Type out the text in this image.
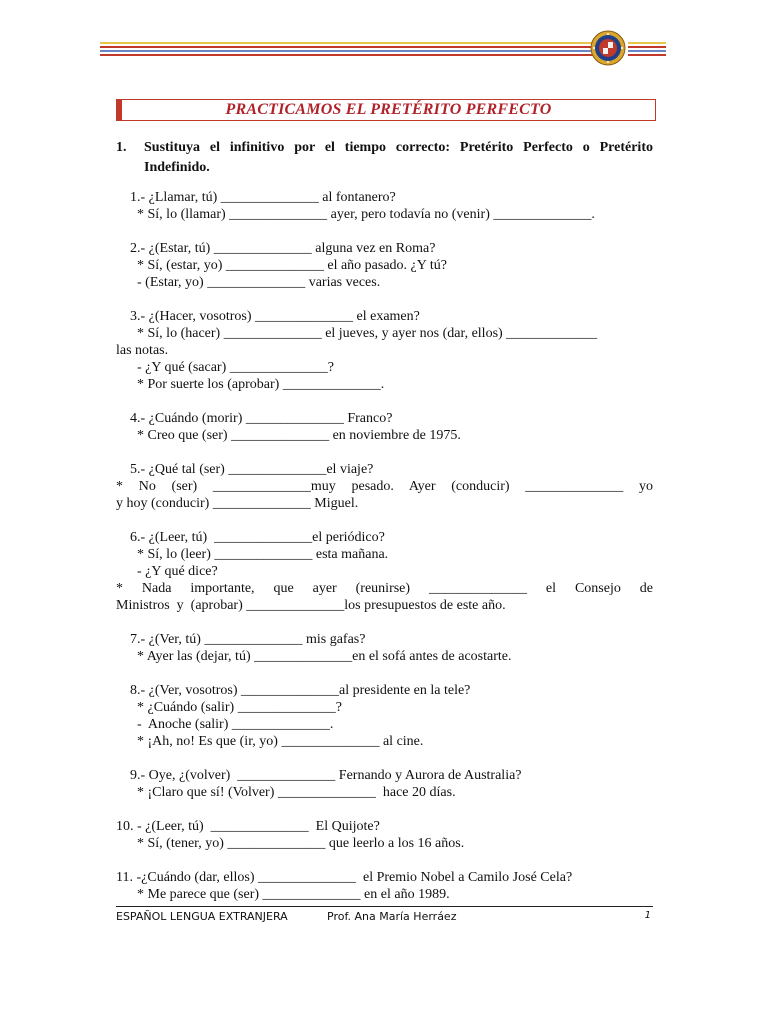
PRACTICAMOS EL PRETÉRITO PERFECTO
1.	Sustituya el infinitivo por el tiempo correcto: Pretérito Perfecto o Pretérito Indefinido.
1.- ¿Llamar, tú) ______________ al fontanero?
* Sí, lo (llamar) ______________ ayer, pero todavía no (venir) ______________.
2.- ¿(Estar, tú) ______________ alguna vez en Roma?
* Sí, (estar, yo) ______________ el año pasado. ¿Y tú?
- (Estar, yo) ______________ varias veces.
3.- ¿(Hacer, vosotros) ______________ el examen?
* Sí, lo (hacer) ______________ el jueves, y ayer nos (dar, ellos) _____________
las notas.
- ¿Y qué (sacar) ______________?
* Por suerte los (aprobar) ______________.
4.- ¿Cuándo (morir) ______________ Franco?
* Creo que (ser) ______________ en noviembre de 1975.
5.- ¿Qué tal (ser) ______________el viaje?
* No (ser) ______________muy pesado. Ayer (conducir) ______________ yo
y hoy (conducir) ______________ Miguel.
6.- ¿(Leer, tú)  ______________el periódico?
* Sí, lo (leer) ______________ esta mañana.
- ¿Y qué dice?
* Nada importante, que ayer (reunirse) ______________ el Consejo de
Ministros  y  (aprobar) ______________los presupuestos de este año.
7.- ¿(Ver, tú) ______________ mis gafas?
* Ayer las (dejar, tú) ______________en el sofá antes de acostarte.
8.- ¿(Ver, vosotros) ______________al presidente en la tele?
* ¿Cuándo (salir) ______________?
-  Anoche (salir) ______________.
* ¡Ah, no! Es que (ir, yo) ______________ al cine.
9.- Oye, ¿(volver)  ______________ Fernando y Aurora de Australia?
* ¡Claro que sí! (Volver) ______________  hace 20 días.
10. - ¿(Leer, tú)  ______________  El Quijote?
* Sí, (tener, yo) ______________ que leerlo a los 16 años.
11. -¿Cuándo (dar, ellos) ______________  el Premio Nobel a Camilo José Cela?
* Me parece que (ser) ______________ en el año 1989.
ESPAÑOL LENGUA EXTRANJERA	Prof. Ana María Herráez	1
